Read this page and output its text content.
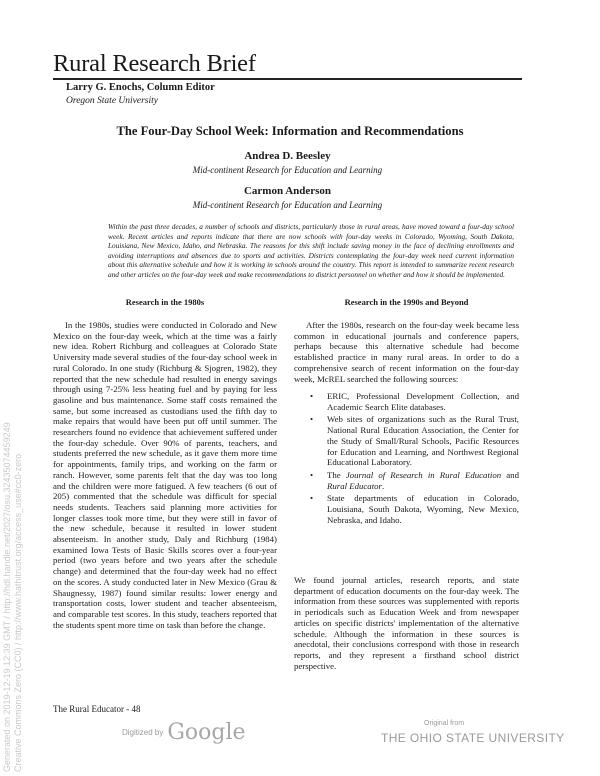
Rural Research Brief
Larry G. Enochs, Column Editor
Oregon State University
The Four-Day School Week: Information and Recommendations
Andrea D. Beesley
Mid-continent Research for Education and Learning
Carmon Anderson
Mid-continent Research for Education and Learning

Within the past three decades, a number of schools and districts, particularly those in rural areas, have moved toward a four-day school week. Recent articles and reports indicate that there are now schools with four-day weeks in Colorado, Wyoming, South Dakota, Louisiana, New Mexico, Idaho, and Nebraska. The reasons for this shift include saving money in the face of declining enrollments and avoiding interruptions and absences due to sports and activities. Districts contemplating the four-day week need current information about this alternative schedule and how it is working in schools around the country. This report is intended to summarize recent research and other articles on the four-day week and make recommendations to district personnel on whether and how it should be implemented.

Research in the 1980s	Research in the 1990s and Beyond

In the 1980s, studies were conducted in Colorado and New Mexico on the four-day week, which at the time was a fairly new idea. Robert Richburg and colleagues at Colorado State University made several studies of the four-day school week in rural Colorado. In one study (Richburg & Sjogren, 1982), they reported that the new schedule had resulted in energy savings through using 7-25% less heating fuel and by paying for less gasoline and bus maintenance. Some staff costs remained the same, but some increased as custodians used the fifth day to make repairs that would have been put off until summer. The researchers found no evidence that achievement suffered under the four-day schedule. Over 90% of parents, teachers, and students preferred the new schedule, as it gave them more time for appointments, family trips, and working on the farm or ranch. However, some parents felt that the day was too long and the children were more fatigued. A few teachers (6 out of 205) commented that the schedule was difficult for special needs students. Teachers said planning more activities for longer classes took more time, but they were still in favor of the new schedule, because it resulted in lower student absenteeism. In another study, Daly and Richburg (1984) examined Iowa Tests of Basic Skills scores over a four-year period (two years before and two years after the schedule change) and determined that the four-day week had no effect on the scores. A study conducted later in New Mexico (Grau & Shaugnessy, 1987) found similar results: lower energy and transportation costs, lower student and teacher absenteeism, and comparable test scores. In this study, teachers reported that the students spent more time on task than before the change.

After the 1980s, research on the four-day week became less common in educational journals and conference papers, perhaps because this alternative schedule had become established practice in many rural areas. In order to do a comprehensive search of recent information on the four-day week, McREL searched the following sources:

• ERIC, Professional Development Collection, and Academic Search Elite databases.
• Web sites of organizations such as the Rural Trust, National Rural Education Association, the Center for the Study of Small/Rural Schools, Pacific Resources for Education and Learning, and Northwest Regional Educational Laboratory.
• The Journal of Research in Rural Education and Rural Educator.
• State departments of education in Colorado, Louisiana, South Dakota, Wyoming, New Mexico, Nebraska, and Idaho.

We found journal articles, research reports, and state department of education documents on the four-day week. The information from these sources was supplemented with reports in periodicals such as Education Week and from newspaper articles on specific districts' implementation of the alternative schedule. Although the information in these sources is anecdotal, their conclusions correspond with those in research reports, and they represent a firsthand school district perspective.

The Rural Educator - 48
Digitized by Google	Original from
THE OHIO STATE UNIVERSITY
Generated on 2019-12-19 12:39 GMT / http://hdl.handle.net/2027/osu.32435074459249 Creative Commons Zero (CC0) / http://www.hathitrust.org/access_use#cc0-zero
